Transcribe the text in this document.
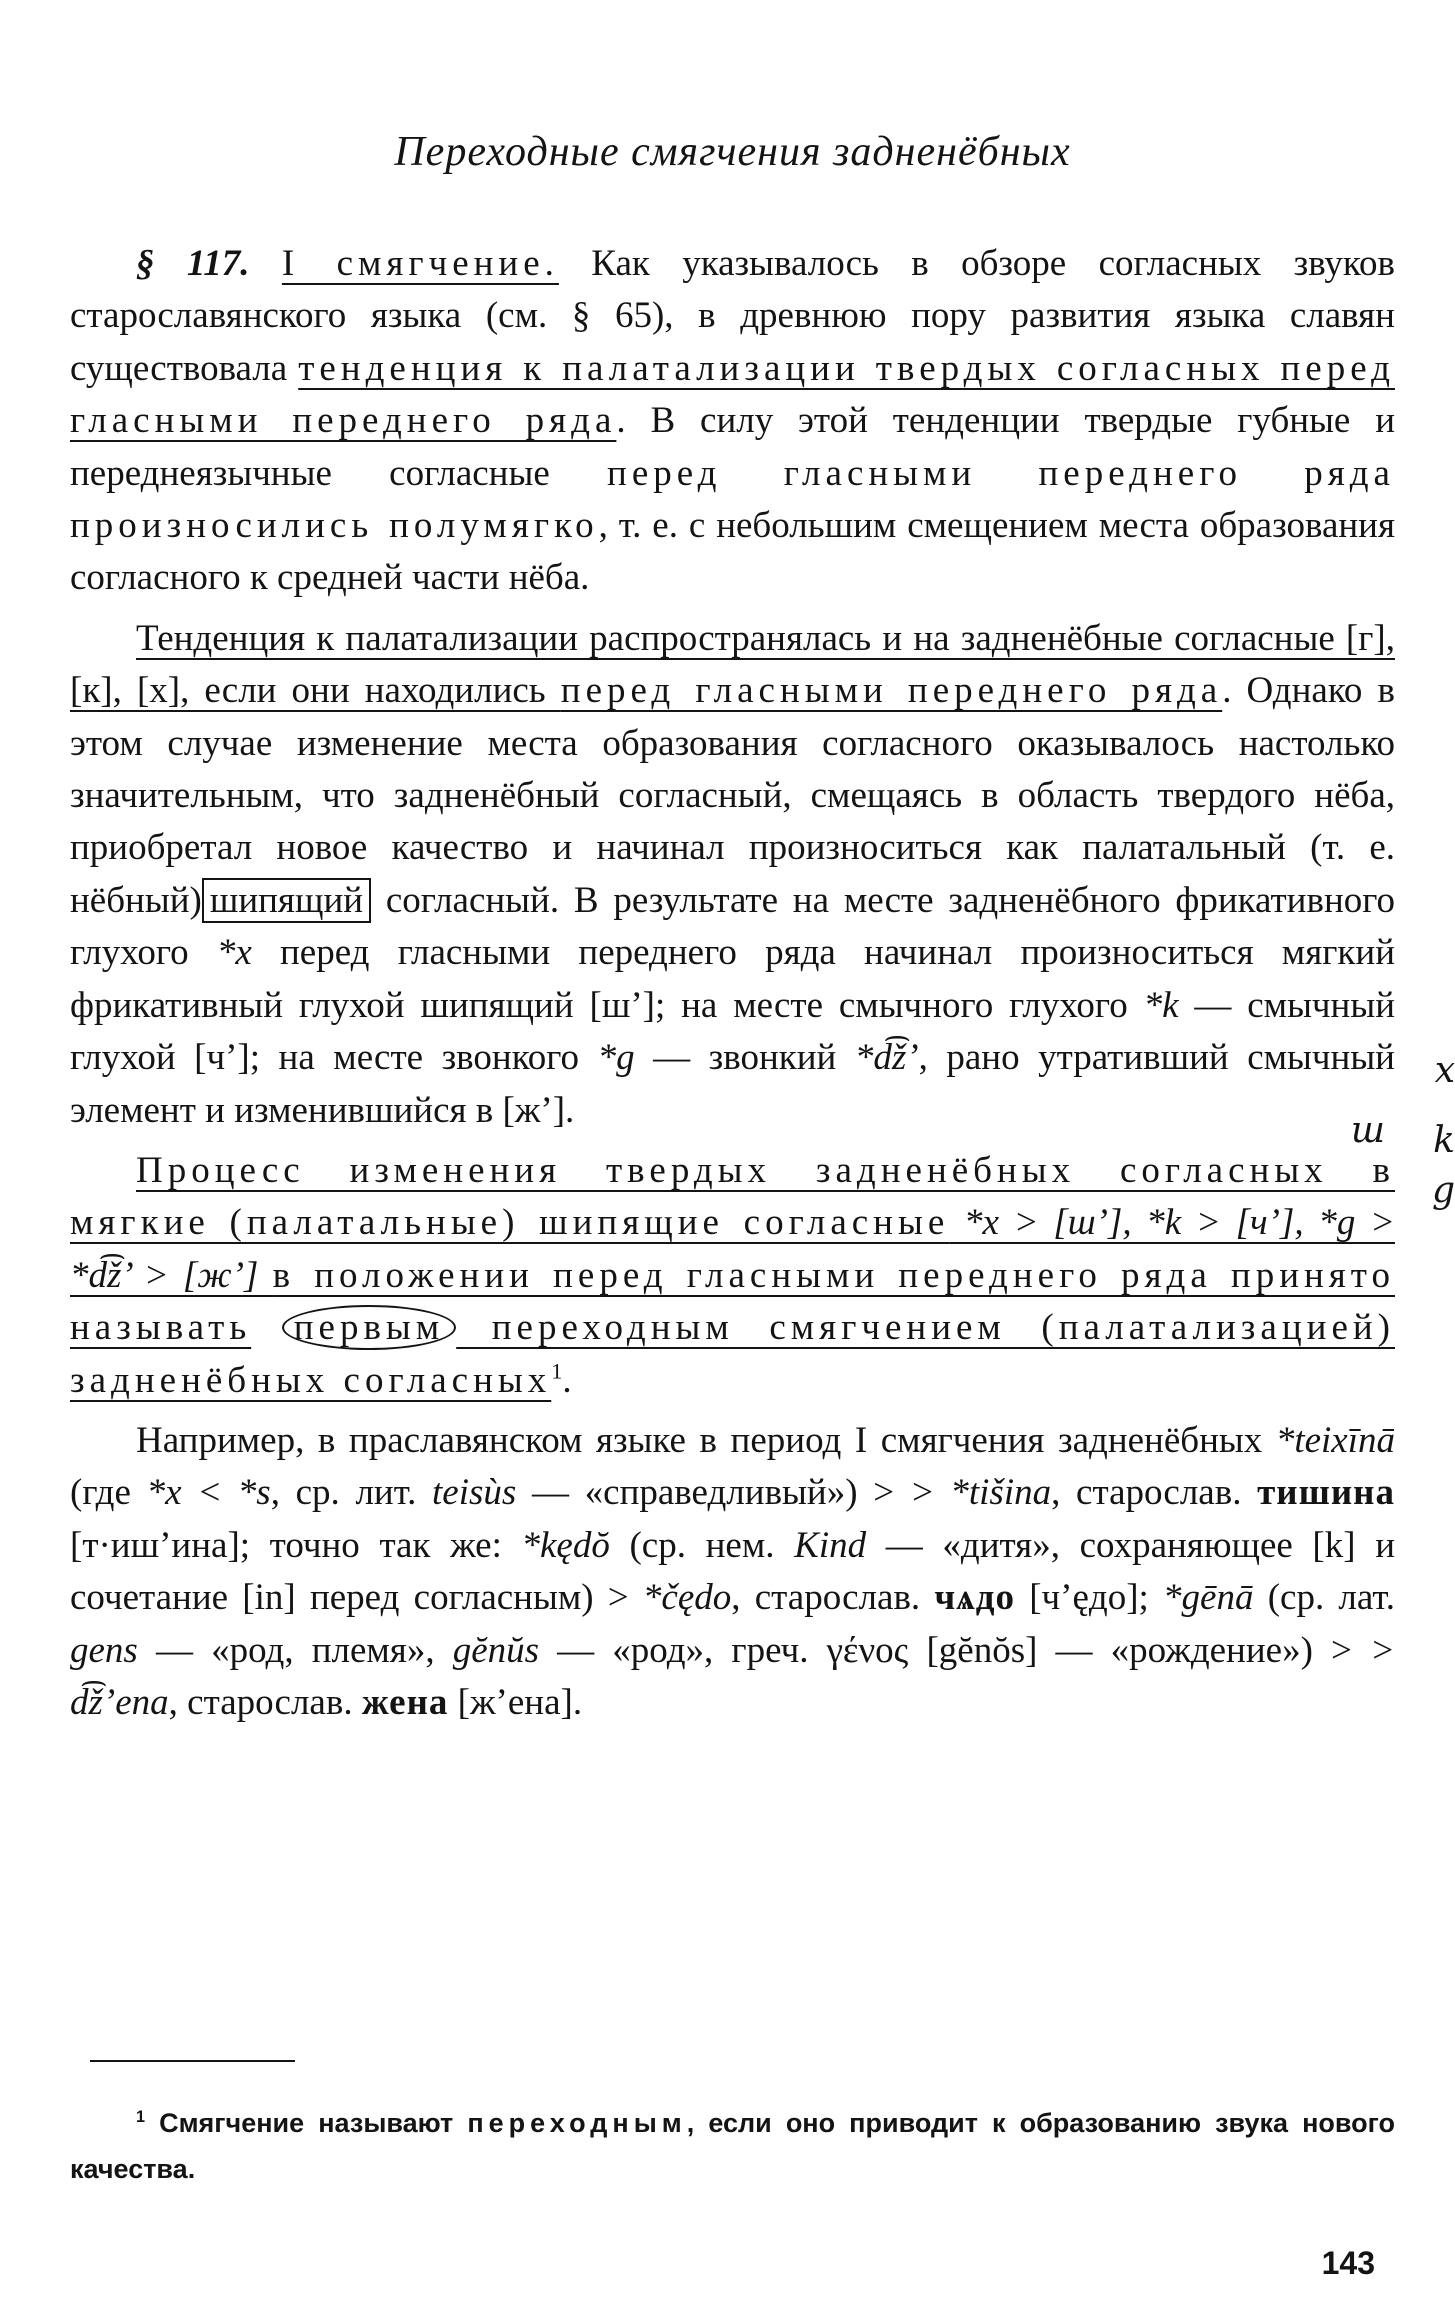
Переходные смягчения задненёбных

§ 117. I смягчение. Как указывалось в обзоре согласных звуков старославянского языка (см. § 65), в древнюю пору развития языка славян существовала тенденция к палатализации твердых согласных перед гласными переднего ряда. В силу этой тенденции твердые губные и переднеязычные согласные перед гласными переднего ряда произносились полумягко, т. е. с небольшим смещением места образования согласного к средней части нёба.

Тенденция к палатализации распространялась и на задненёбные согласные [г], [к], [х], если они находились перед гласными переднего ряда. Однако в этом случае изменение места образования согласного оказывалось настолько значительным, что задненёбный согласный, смещаясь в область твердого нёба, приобретал новое качество и начинал произноситься как палатальный (т. е. нёбный) шипящий согласный. В результате на месте задненёбного фрикативного глухого *x перед гласными переднего ряда начинал произноситься мягкий фрикативный глухой шипящий [ш’]; на месте смычного глухого *k — смычный глухой [ч’]; на месте звонкого *g — звонкий *d͡ž’, рано утративший смычный элемент и изменившийся в [ж’].

Процесс изменения твердых задненёбных согласных в мягкие (палатальные) шипящие согласные *x > [ш’], *k > [ч’], *g > *d͡ž’ > [ж’] в положении перед гласными переднего ряда принято называть первым переходным смягчением (палатализацией) задненёбных согласных$^1$.

Например, в праславянском языке в период I смягчения задненёбных *teixīnā (где *x < *s, ср. лит. teisùs — «справедливый») > > *tišina, старослав. тишина [т·иш’ина]; точно так же: *kędŏ (ср. нем. Kind — «дитя», сохраняющее [k] и сочетание [in] перед согласным) > *čędo, старослав. чѧдо [ч’ęдо]; *gēnā (ср. лат. gens — «род, племя», gĕnŭs — «род», греч. γένος [gĕnŏs] — «рождение») > > d͡ž’ena, старослав. жена [ж’ена].

x
ш k
g
$^1$ Смягчение называют переходным, если оно приводит к образованию звука нового качества.
143
